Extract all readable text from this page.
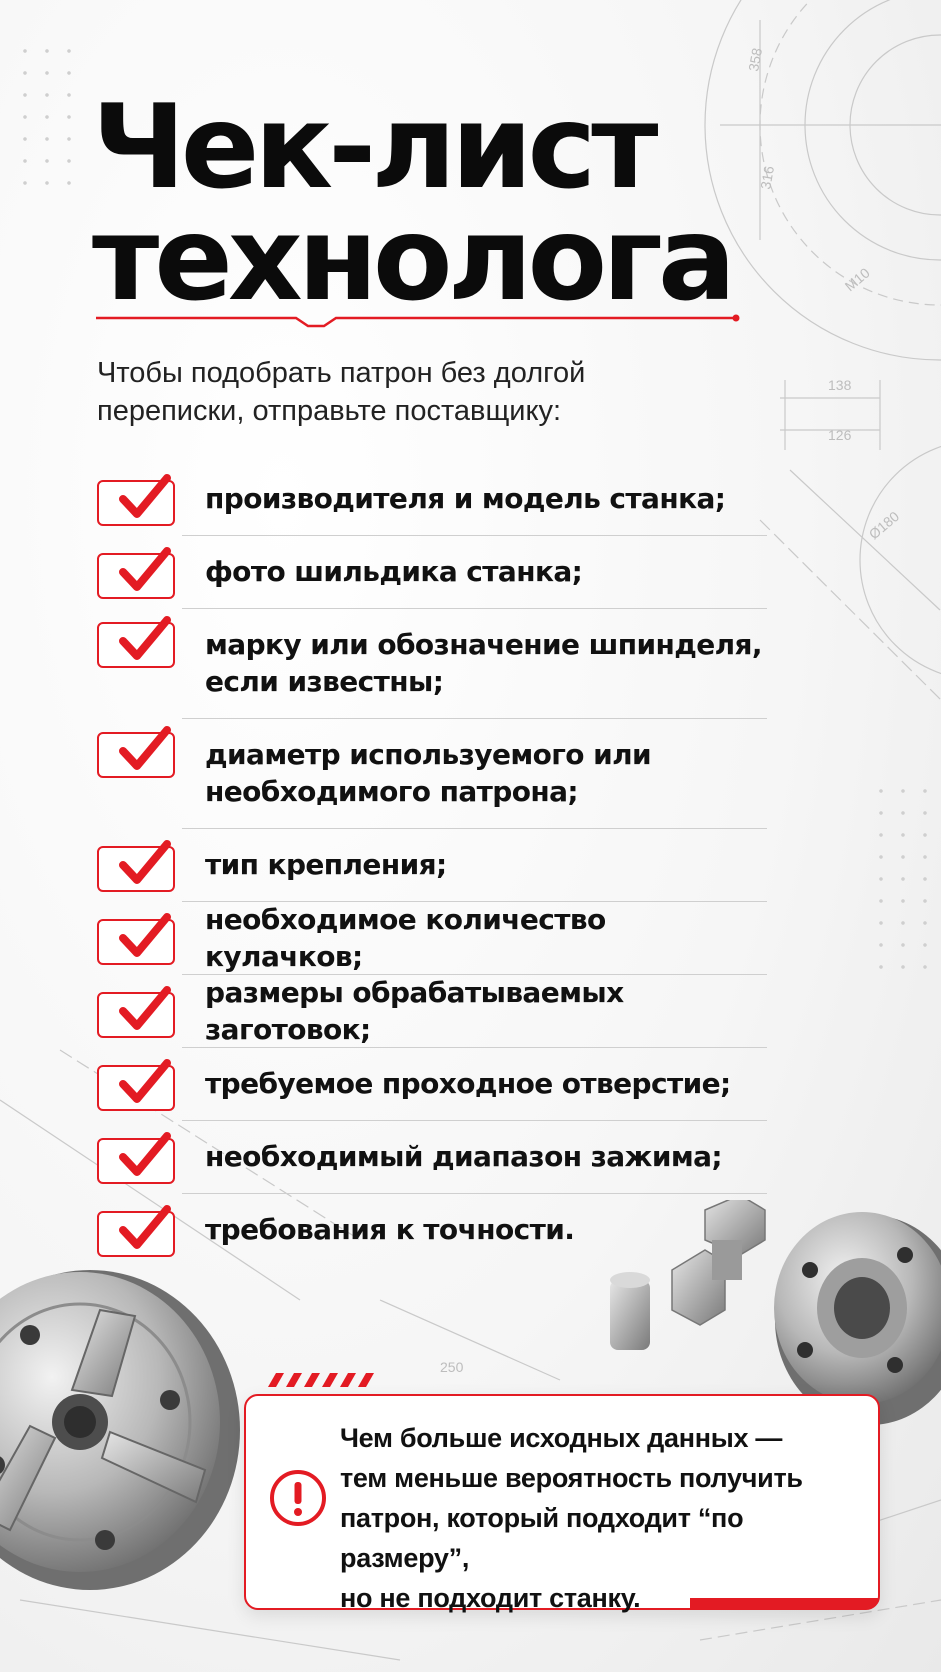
358
316
M10
138
126
Ø180
250
Чек-лист
технолога
Чтобы подобрать патрон без долгой переписки, отправьте поставщику:
производителя и модель станка;
фото шильдика станка;
марку или обозначение шпинделя,
если известны;
диаметр используемого или
необходимого патрона;
тип крепления;
необходимое количество кулачков;
размеры обрабатываемых заготовок;
требуемое проходное отверстие;
необходимый диапазон зажима;
требования к точности.
Чем больше исходных данных —
тем меньше вероятность получить
патрон, который подходит “по размеру”,
но не подходит станку.
